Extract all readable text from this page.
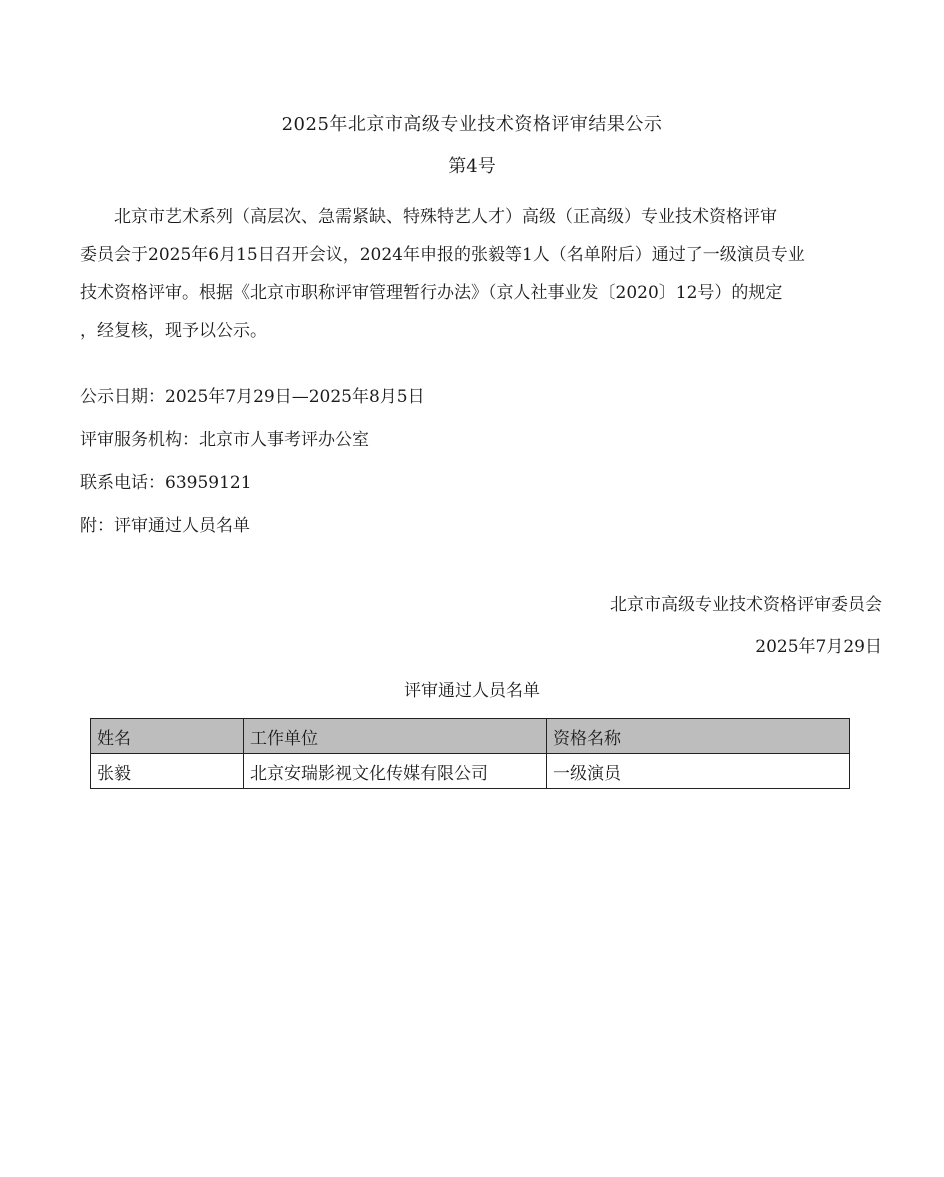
2025年北京市高级专业技术资格评审结果公示
第4号

　　北京市艺术系列（高层次、急需紧缺、特殊特艺人才）高级（正高级）专业技术资格评审
委员会于2025年6月15日召开会议，2024年申报的张毅等1人（名单附后）通过了一级演员专业
技术资格评审。根据《北京市职称评审管理暂行办法》（京人社事业发〔2020〕12号）的规定
，经复核，现予以公示。

公示日期：2025年7月29日—2025年8月5日
评审服务机构：北京市人事考评办公室
联系电话：63959121
附：评审通过人员名单
北京市高级专业技术资格评审委员会
2025年7月29日
评审通过人员名单
姓名	工作单位	资格名称
张毅	北京安瑞影视文化传媒有限公司	一级演员
